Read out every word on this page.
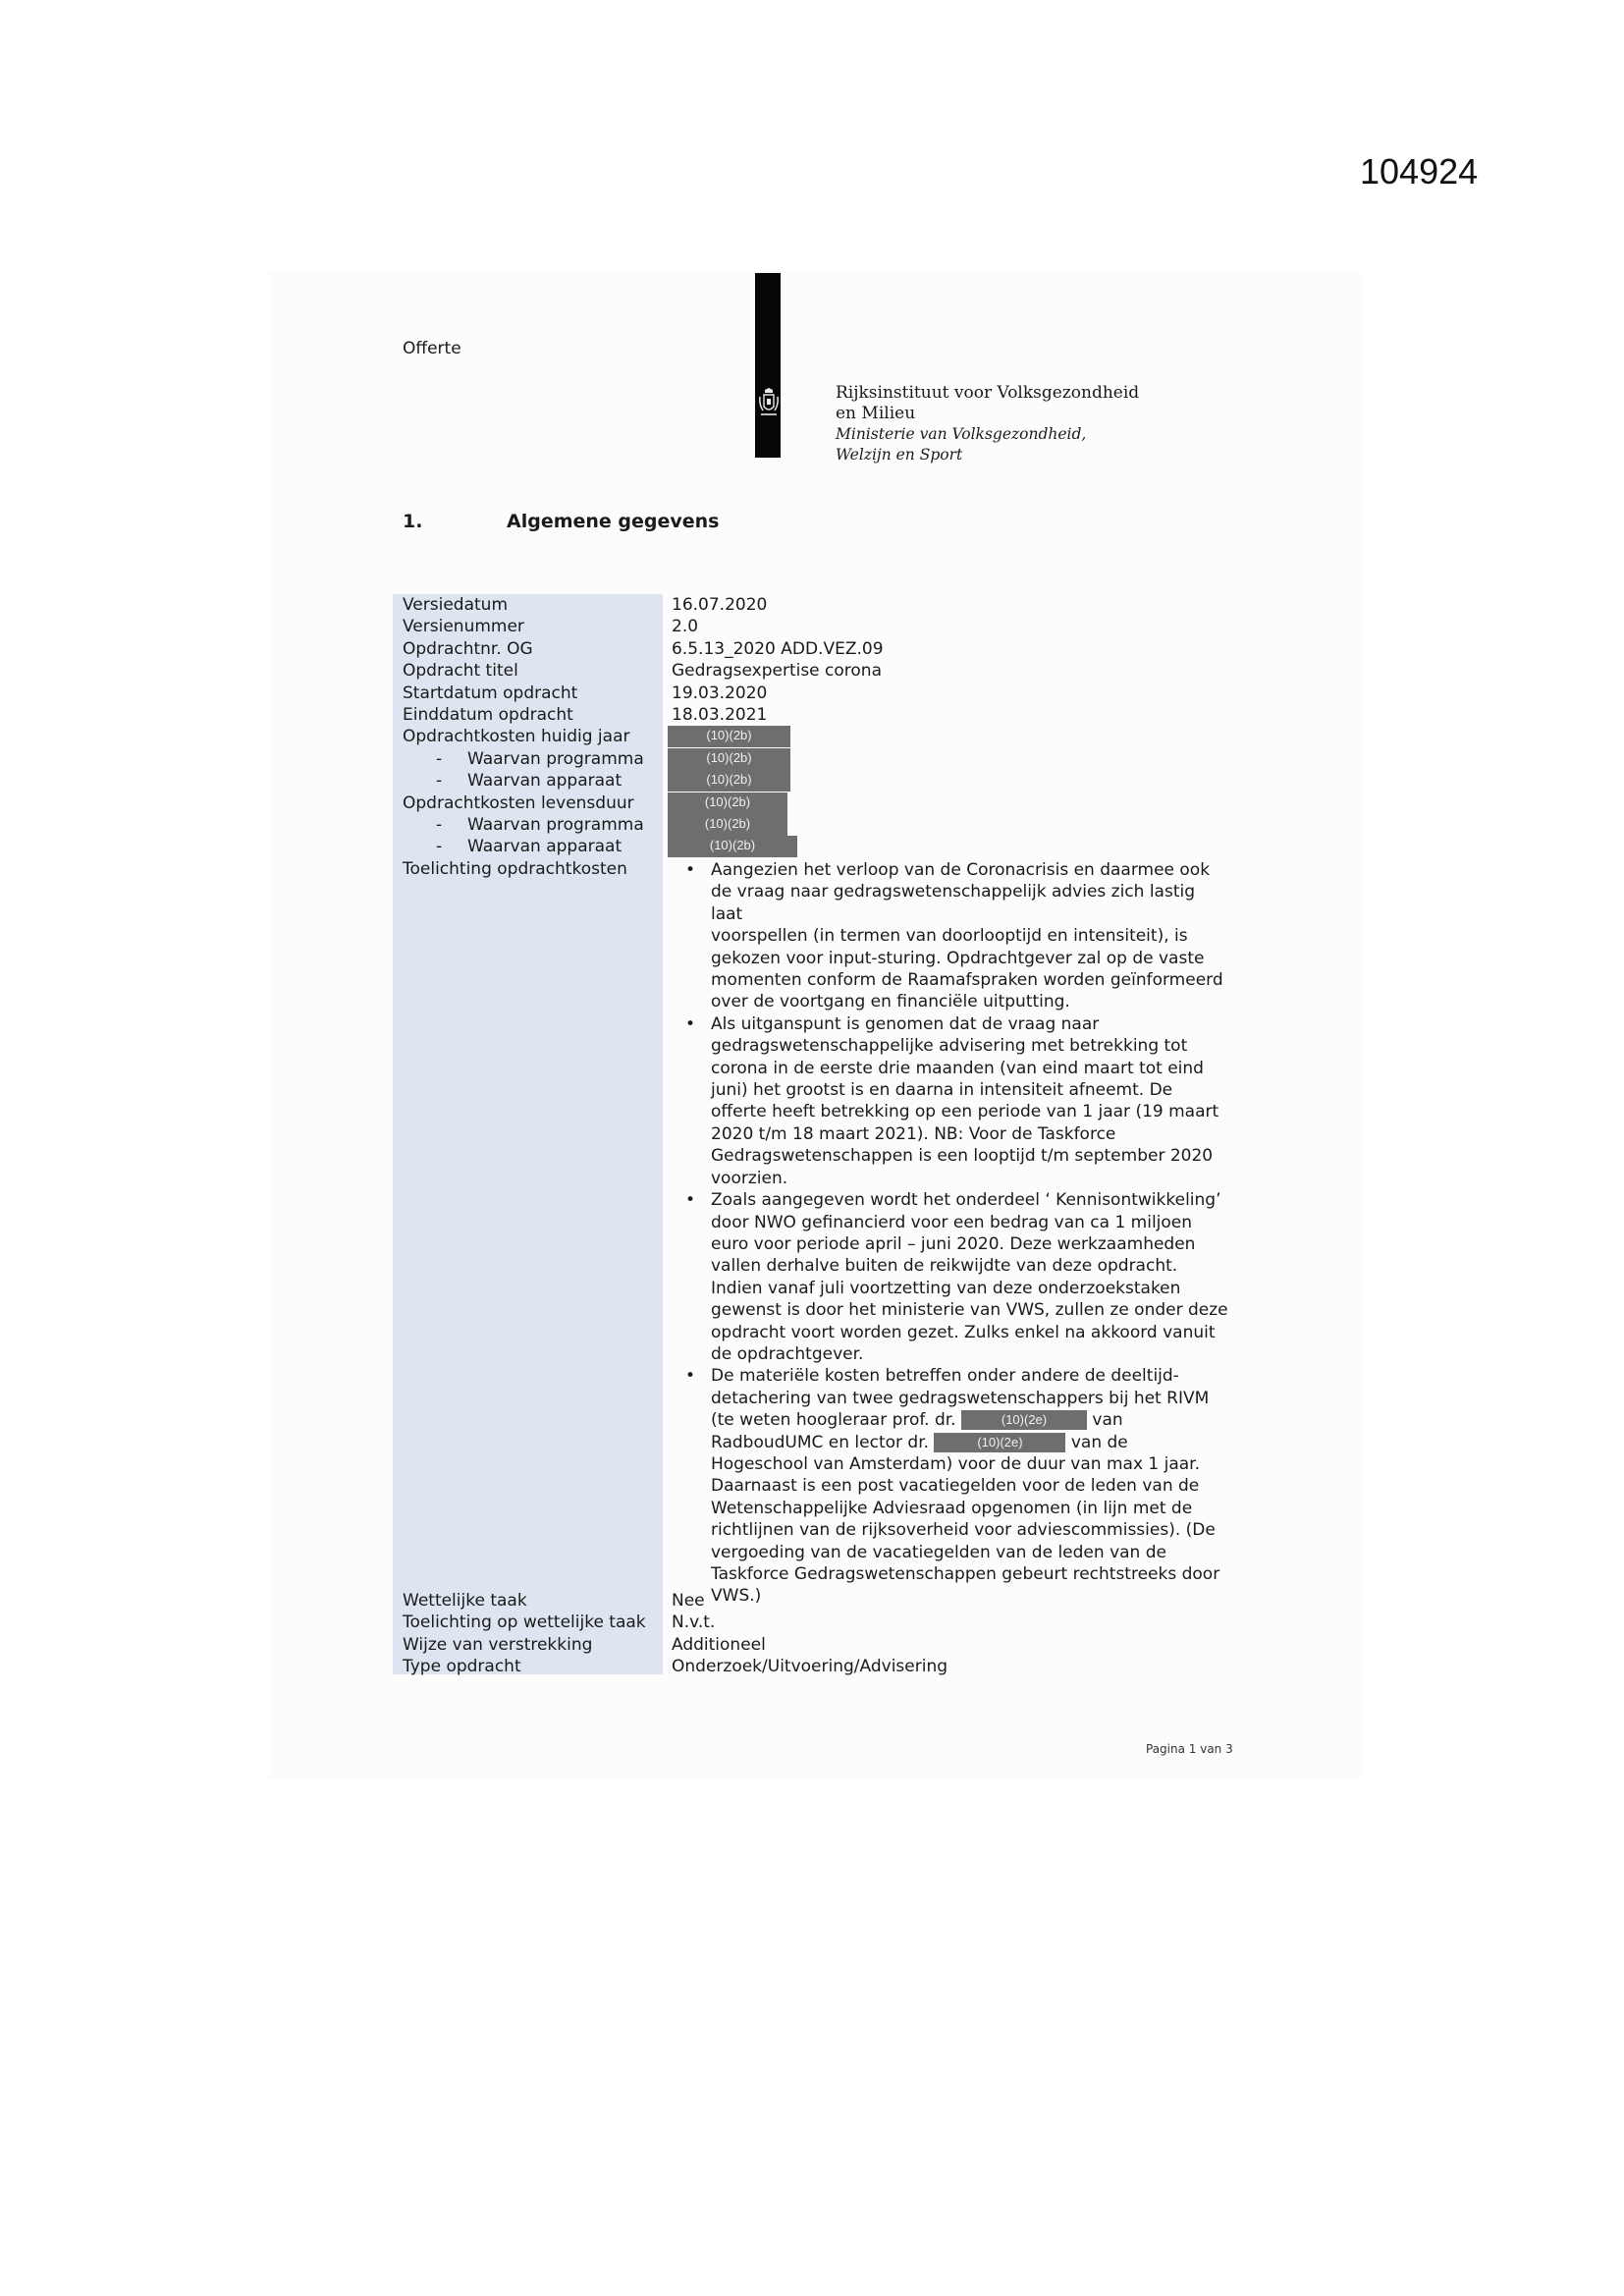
104924
Offerte
Rijksinstituut voor Volksgezondheid
en Milieu
Ministerie van Volksgezondheid,
Welzijn en Sport
1.	Algemene gegevens
Versiedatum	16.07.2020
Versienummer	2.0
Opdrachtnr. OG	6.5.13_2020 ADD.VEZ.09
Opdracht titel	Gedragsexpertise corona
Startdatum opdracht	19.03.2020
Einddatum opdracht	18.03.2021
Opdrachtkosten huidig jaar	(10)(2b)
- Waarvan programma	(10)(2b)
- Waarvan apparaat	(10)(2b)
Opdrachtkosten levensduur	(10)(2b)
- Waarvan programma	(10)(2b)
- Waarvan apparaat	(10)(2b)
Toelichting opdrachtkosten	• Aangezien het verloop van de Coronacrisis en daarmee ook
de vraag naar gedragswetenschappelijk advies zich lastig laat
voorspellen (in termen van doorlooptijd en intensiteit), is
gekozen voor input-sturing. Opdrachtgever zal op de vaste
momenten conform de Raamafspraken worden geïnformeerd
over de voortgang en financiële uitputting.
• Als uitganspunt is genomen dat de vraag naar
gedragswetenschappelijke advisering met betrekking tot
corona in de eerste drie maanden (van eind maart tot eind
juni) het grootst is en daarna in intensiteit afneemt. De
offerte heeft betrekking op een periode van 1 jaar (19 maart
2020 t/m 18 maart 2021). NB: Voor de Taskforce
Gedragswetenschappen is een looptijd t/m september 2020
voorzien.
• Zoals aangegeven wordt het onderdeel ‘ Kennisontwikkeling’
door NWO gefinancierd voor een bedrag van ca 1 miljoen
euro voor periode april – juni 2020. Deze werkzaamheden
vallen derhalve buiten de reikwijdte van deze opdracht.
Indien vanaf juli voortzetting van deze onderzoekstaken
gewenst is door het ministerie van VWS, zullen ze onder deze
opdracht voort worden gezet. Zulks enkel na akkoord vanuit
de opdrachtgever.
• De materiële kosten betreffen onder andere de deeltijd-
detachering van twee gedragswetenschappers bij het RIVM
(te weten hoogleraar prof. dr.	(10)(2e)	van
RadboudUMC en lector dr.	(10)(2e)	van de
Hogeschool van Amsterdam) voor de duur van max 1 jaar.
Daarnaast is een post vacatiegelden voor de leden van de
Wetenschappelijke Adviesraad opgenomen (in lijn met de
richtlijnen van de rijksoverheid voor adviescommissies). (De
vergoeding van de vacatiegelden van de leden van de
Taskforce Gedragswetenschappen gebeurt rechtstreeks door
VWS.)
Wettelijke taak	Nee
Toelichting op wettelijke taak N.v.t.
Wijze van verstrekking	Additioneel
Type opdracht	Onderzoek/Uitvoering/Advisering
Pagina 1 van 3
